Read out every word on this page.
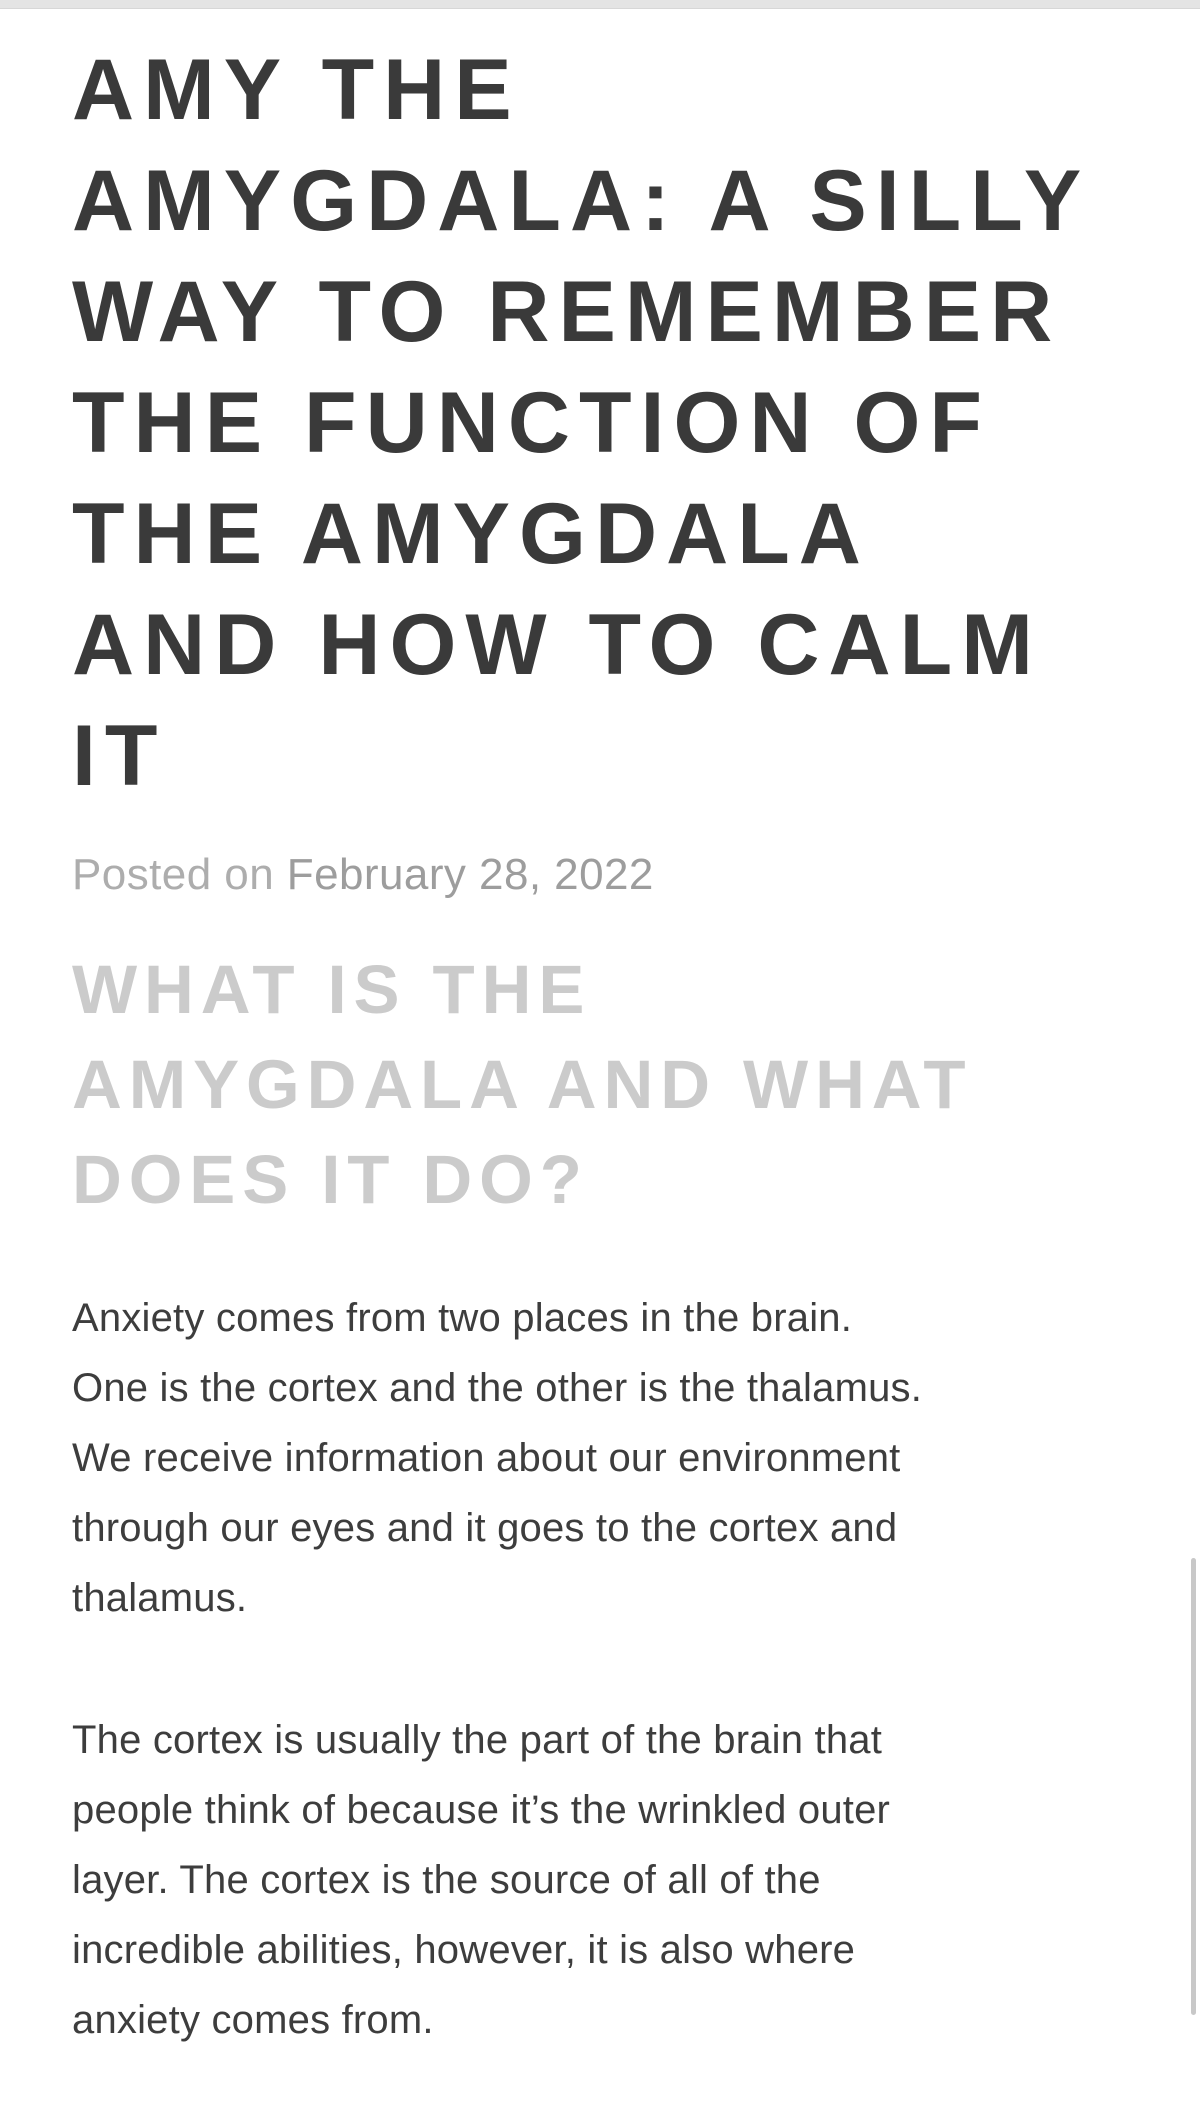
AMY THE
AMYGDALA: A SILLY
WAY TO REMEMBER
THE FUNCTION OF
THE AMYGDALA
AND HOW TO CALM
IT
Posted on February 28, 2022
WHAT IS THE
AMYGDALA AND WHAT
DOES IT DO?

Anxiety comes from two places in the brain.
One is the cortex and the other is the thalamus.
We receive information about our environment
through our eyes and it goes to the cortex and
thalamus.

The cortex is usually the part of the brain that
people think of because it’s the wrinkled outer
layer. The cortex is the source of all of the
incredible abilities, however, it is also where
anxiety comes from.
